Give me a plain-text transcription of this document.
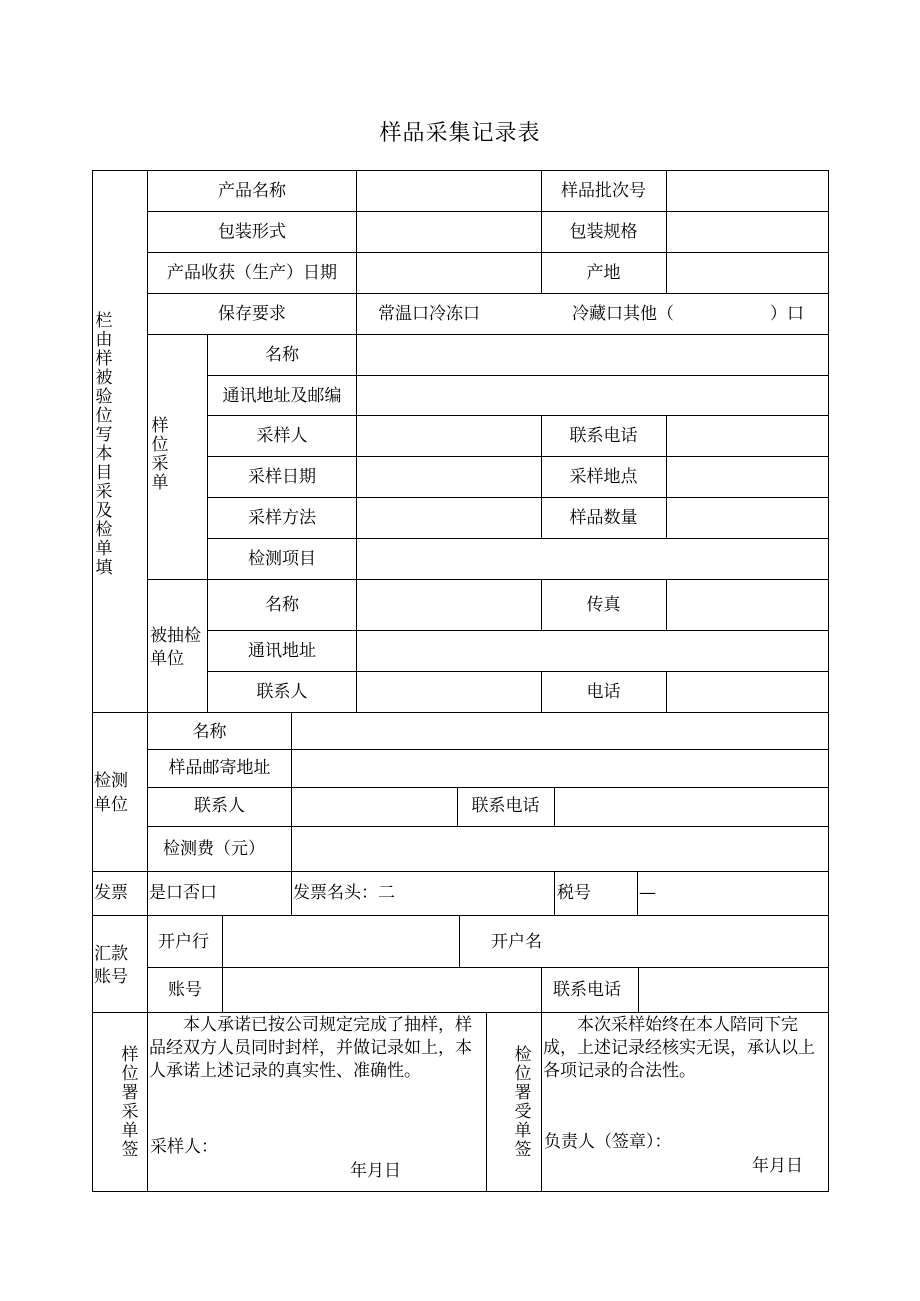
样品采集记录表
栏由样被验位写本目采及检单填
产品名称	样品批次号
包装形式	包装规格
产品收获（生产）日期	产地
保存要求	常温口冷冻口	冷藏口其他（	）口
样位采单
名称
通讯地址及邮编
采样人	联系电话
采样日期	采样地点
采样方法	样品数量
检测项目
被抽检
单位
名称	传真
通讯地址
联系人	电话
检测
单位
名称
样品邮寄地址
联系人	联系电话
检测费（元）
发票 是口否口	发票名头：二	税号	—
汇款
账号
开户行	开户名
账号	联系电话
样位署采单签
本人承诺已按公司规定完成了抽样，样品经双方人员同时封样，并做记录如上，本人承诺上述记录的真实性、准确性。
采样人：
年月日
检位署受单签
本次采样始终在本人陪同下完成，上述记录经核实无误，承认以上各项记录的合法性。
负责人（签章）：
年月日
